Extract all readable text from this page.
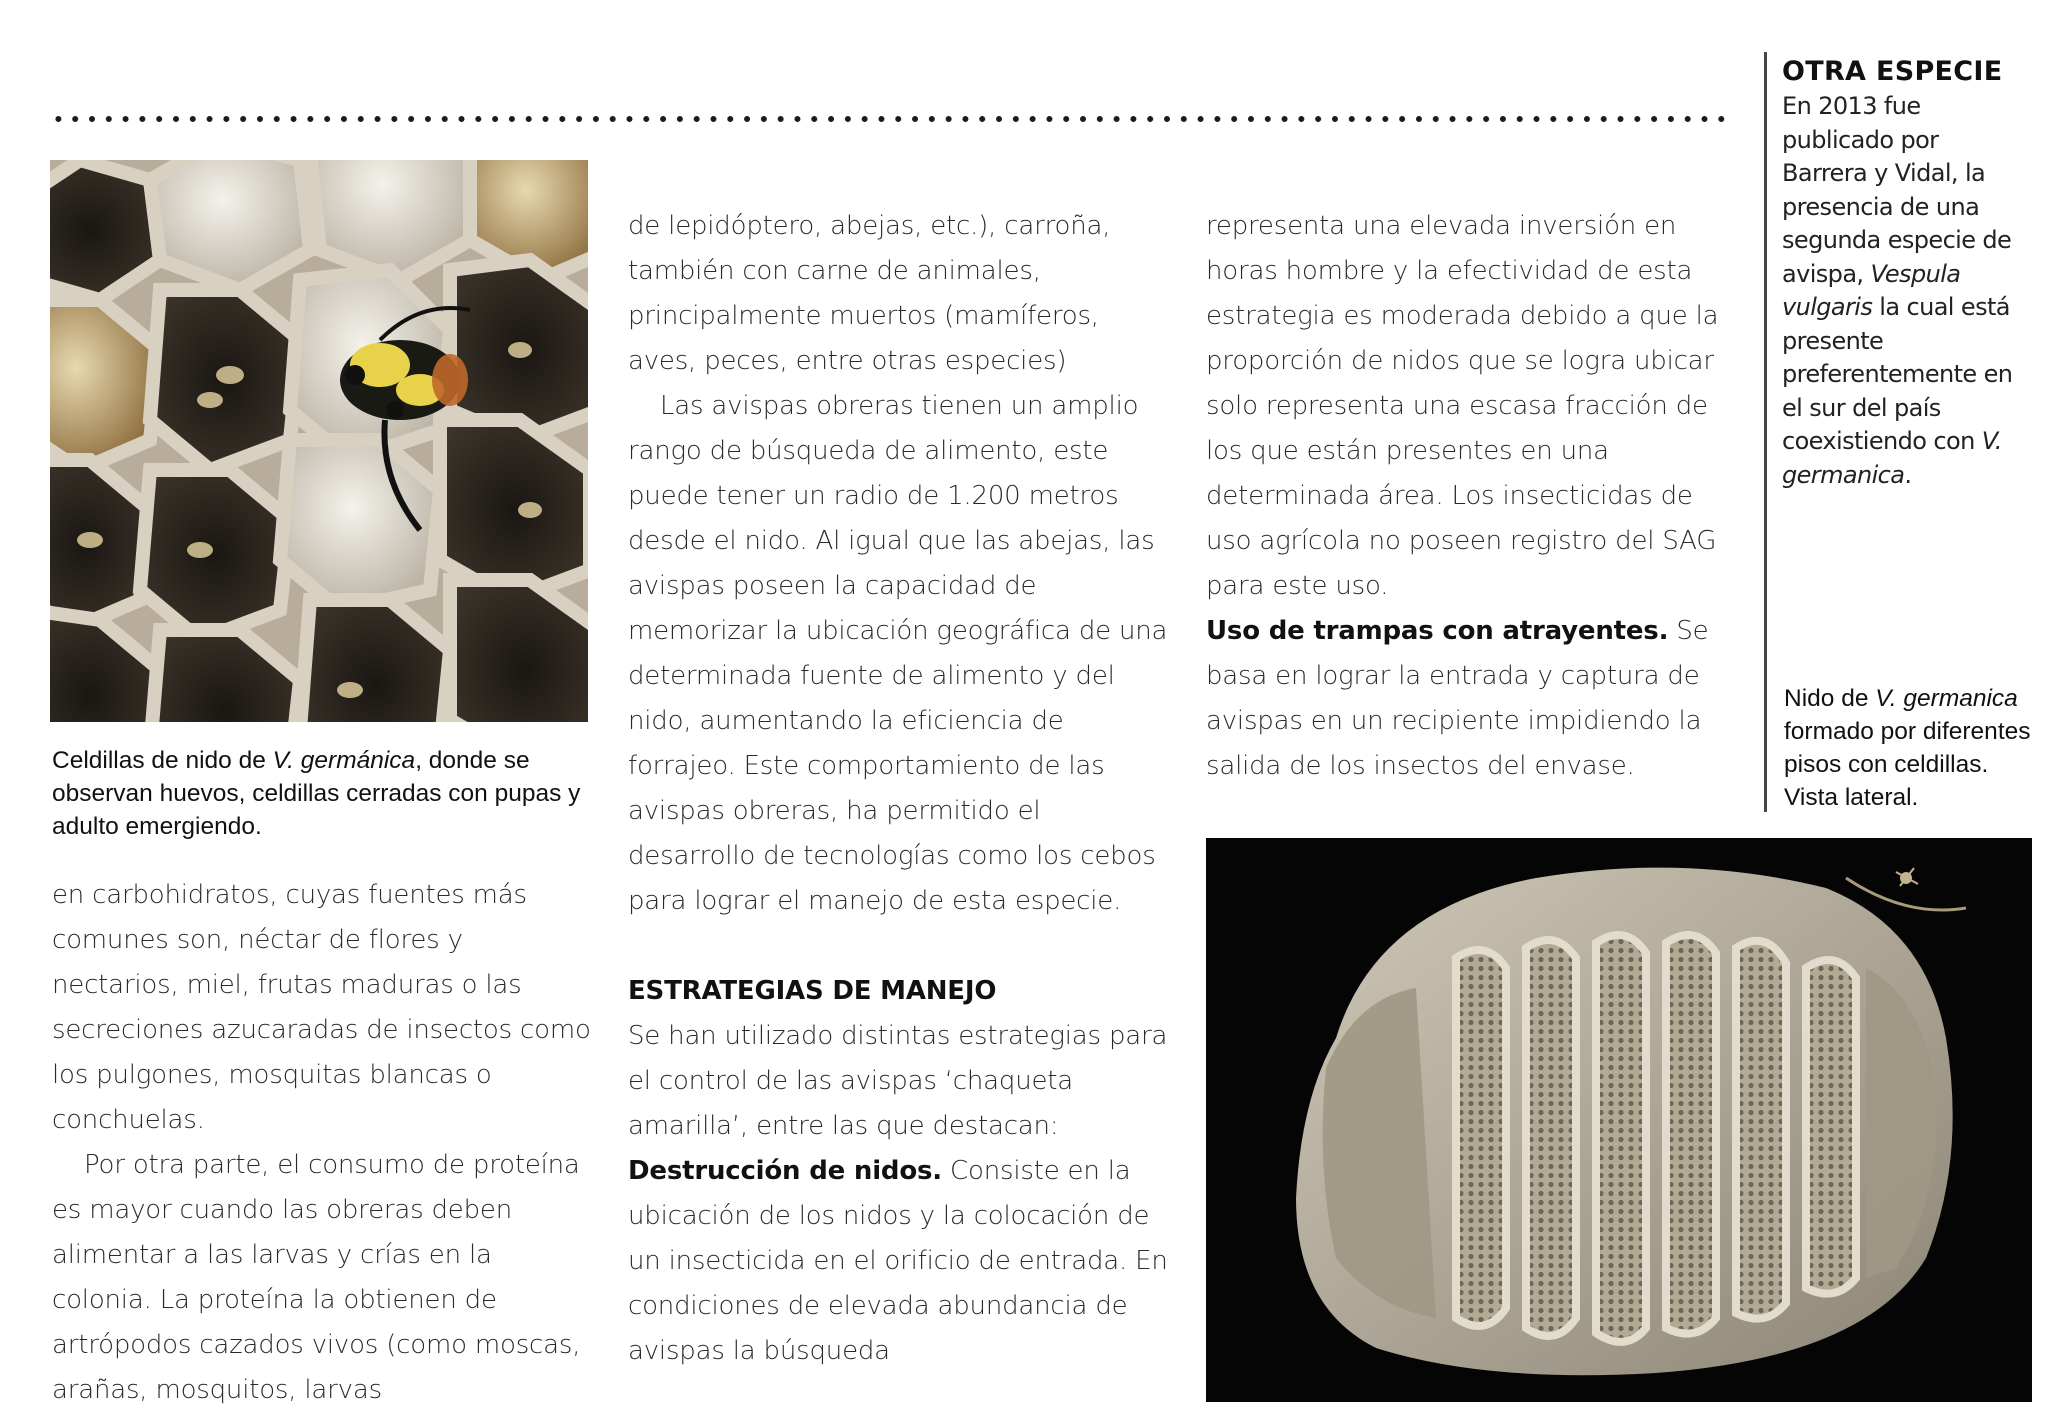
Celdillas de nido de V. germánica, donde se observan huevos, celdillas cerradas con pupas y adulto emergiendo.

en carbohidratos, cuyas fuentes más comunes son, néctar de flores y nectarios, miel, frutas maduras o las secreciones azucaradas de insectos como los pulgones, mosquitas blancas o conchuelas.

Por otra parte, el consumo de proteína es mayor cuando las obreras deben alimentar a las larvas y crías en la colonia. La proteína la obtienen de artrópodos cazados vivos (como moscas, arañas, mosquitos, larvas

de lepidóptero, abejas, etc.), carroña, también con carne de animales, principalmente muertos (mamíferos, aves, peces, entre otras especies)

Las avispas obreras tienen un amplio rango de búsqueda de alimento, este puede tener un radio de 1.200 metros desde el nido. Al igual que las abejas, las avispas poseen la capacidad de memorizar la ubicación geográfica de una determinada fuente de alimento y del nido, aumentando la eficiencia de forrajeo. Este comportamiento de las avispas obreras, ha permitido el desarrollo de tecnologías como los cebos para lograr el manejo de esta especie.

ESTRATEGIAS DE MANEJO

Se han utilizado distintas estrategias para el control de las avispas ‘chaqueta amarilla’, entre las que destacan:

Destrucción de nidos. Consiste en la ubicación de los nidos y la colocación de un insecticida en el orificio de entrada. En condiciones de elevada abundancia de avispas la búsqueda

representa una elevada inversión en horas hombre y la efectividad de esta estrategia es moderada debido a que la proporción de nidos que se logra ubicar solo representa una escasa fracción de los que están presentes en una determinada área. Los insecticidas de uso agrícola no poseen registro del SAG para este uso.

Uso de trampas con atrayentes. Se basa en lograr la entrada y captura de avispas en un recipiente impidiendo la salida de los insectos del envase.

OTRA ESPECIE
En 2013 fue publicado por Barrera y Vidal, la presencia de una segunda especie de avispa, Vespula vulgaris la cual está presente preferentemente en el sur del país coexistiendo con V. germanica.
Nido de V. germanica formado por diferentes pisos con celdillas. Vista lateral.
